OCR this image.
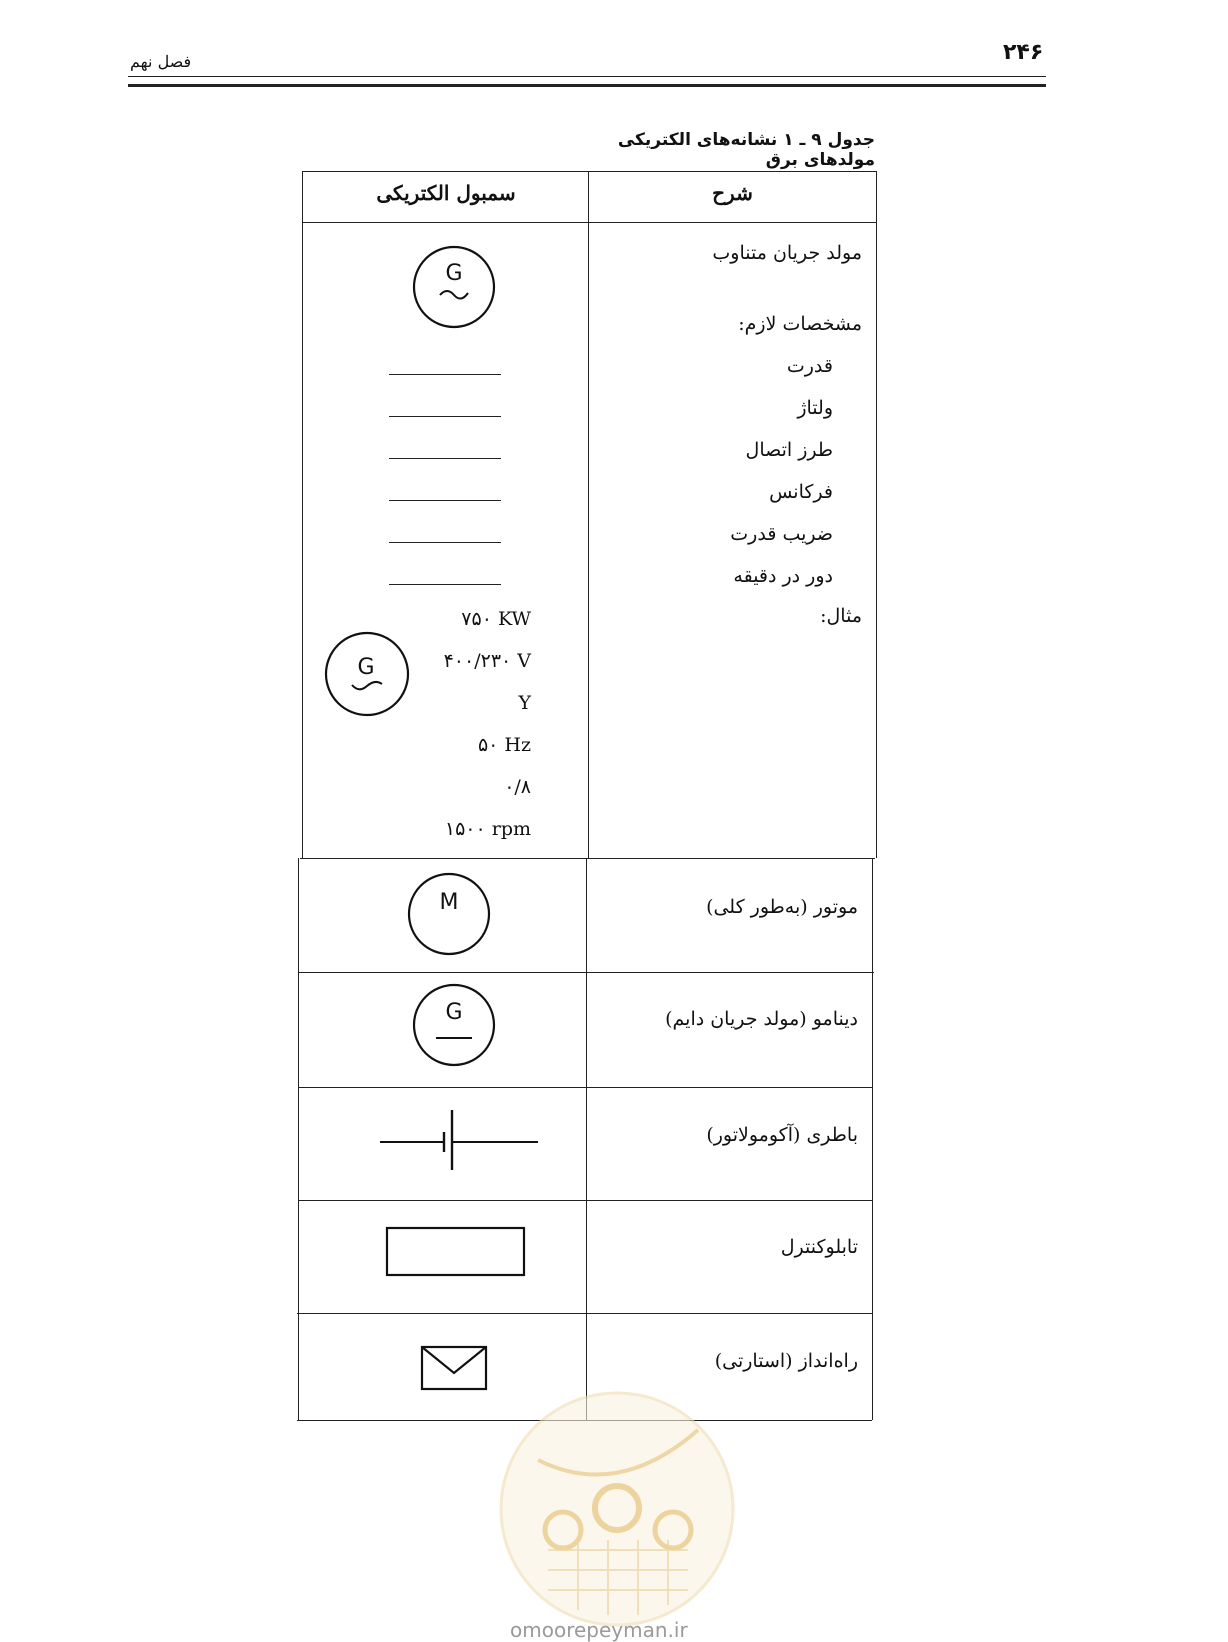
۲۴۶
فصل نهم
جدول ۹ ـ ۱ نشانه‌های الکتریکی مولدهای برق
شرح
سمبول الکتریکی
مولد جریان متناوب
مشخصات لازم:
قدرت
ولتاژ
طرز اتصال
فرکانس
ضریب قدرت
دور در دقیقه
مثال:
G
۷۵۰ KW
۴۰۰/۲۳۰ V
Y
۵۰ Hz
۰/۸
۱۵۰۰ rpm
G
موتور (به‌طور کلی)
M
دینامو (مولد جریان دایم)
G
باطری (آکومولاتور)
تابلوکنترل
راه‌انداز (استارتی)
omoorepeyman.ir
